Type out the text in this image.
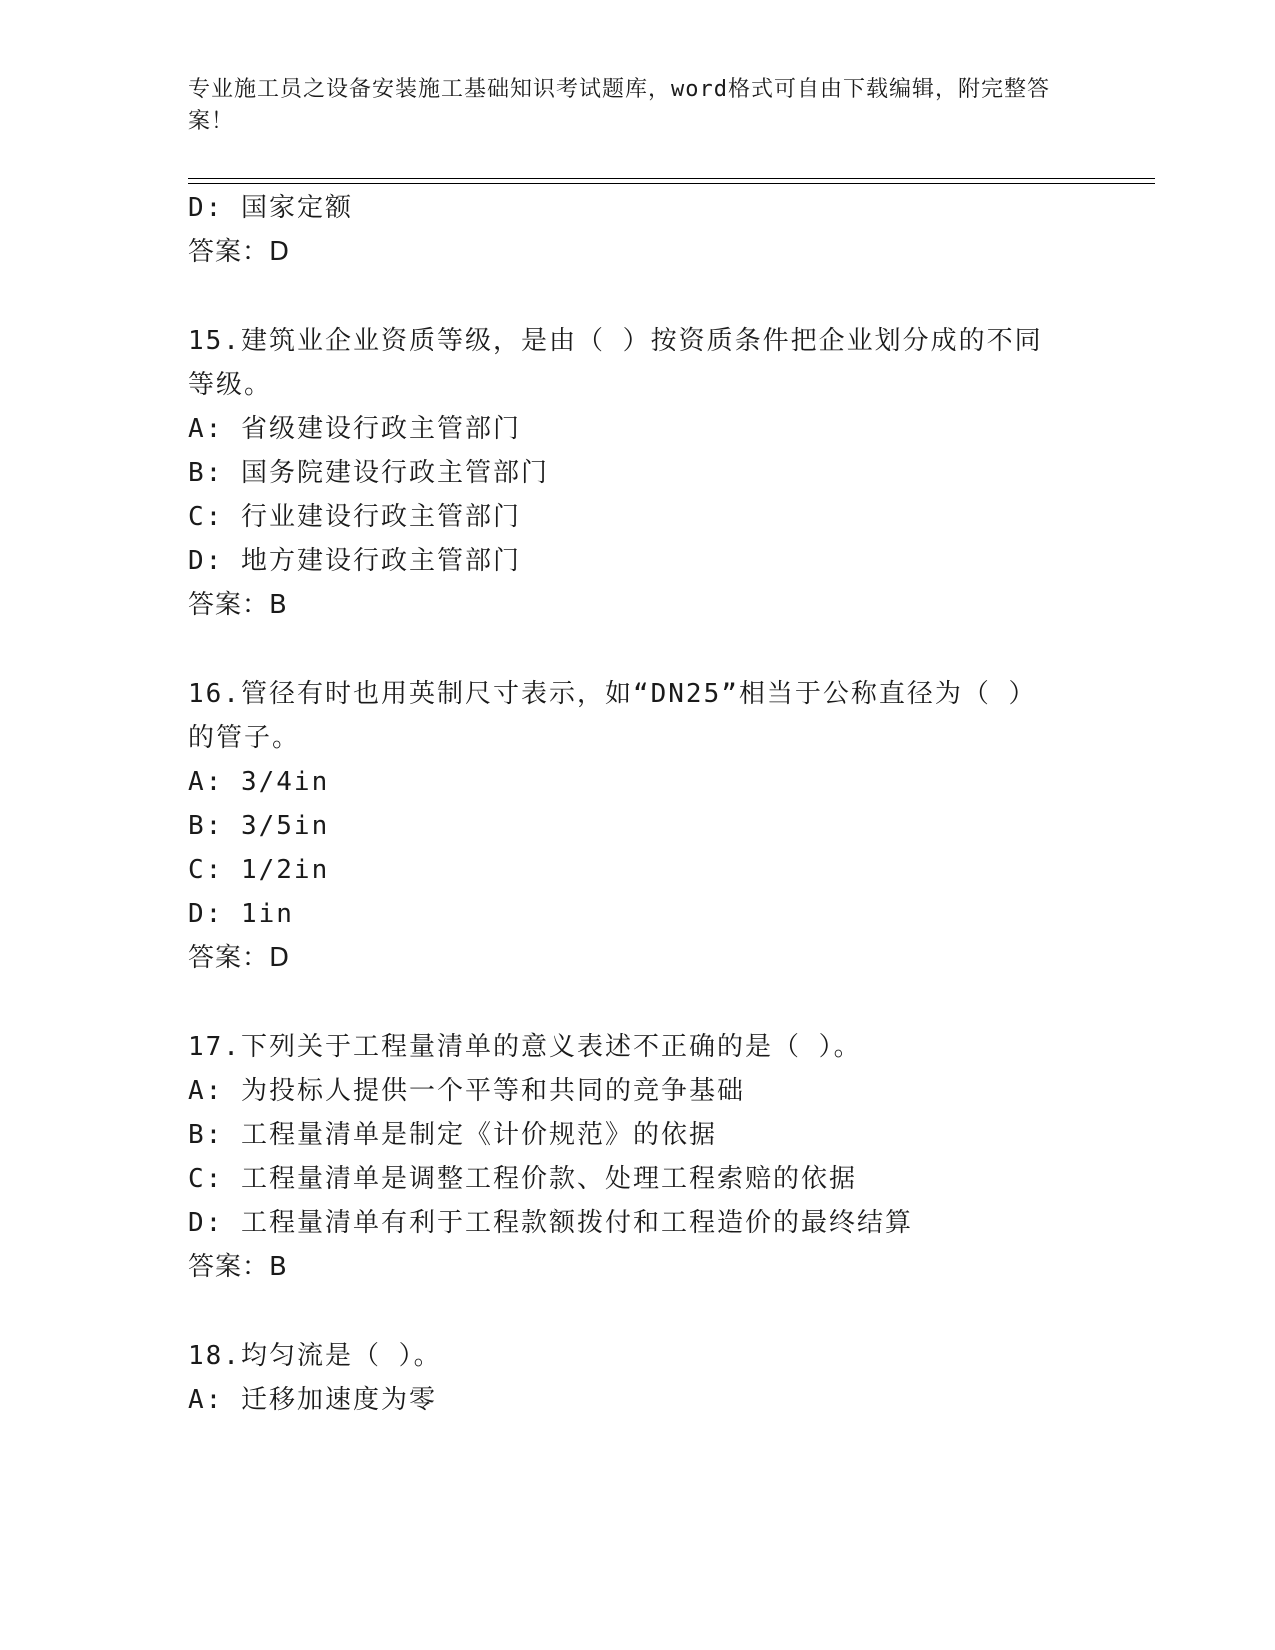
专业施工员之设备安装施工基础知识考试题库，word格式可自由下载编辑，附完整答案！
D: 国家定额
答案：D
15.建筑业企业资质等级，是由（ ）按资质条件把企业划分成的不同
等级。
A: 省级建设行政主管部门
B: 国务院建设行政主管部门
C: 行业建设行政主管部门
D: 地方建设行政主管部门
答案：B
16.管径有时也用英制尺寸表示，如“DN25”相当于公称直径为（ ）
的管子。
A: 3/4in
B: 3/5in
C: 1/2in
D: 1in
答案：D
17.下列关于工程量清单的意义表述不正确的是（ ）。
A: 为投标人提供一个平等和共同的竞争基础
B: 工程量清单是制定《计价规范》的依据
C: 工程量清单是调整工程价款、处理工程索赔的依据
D: 工程量清单有利于工程款额拨付和工程造价的最终结算
答案：B
18.均匀流是（ ）。
A: 迁移加速度为零
